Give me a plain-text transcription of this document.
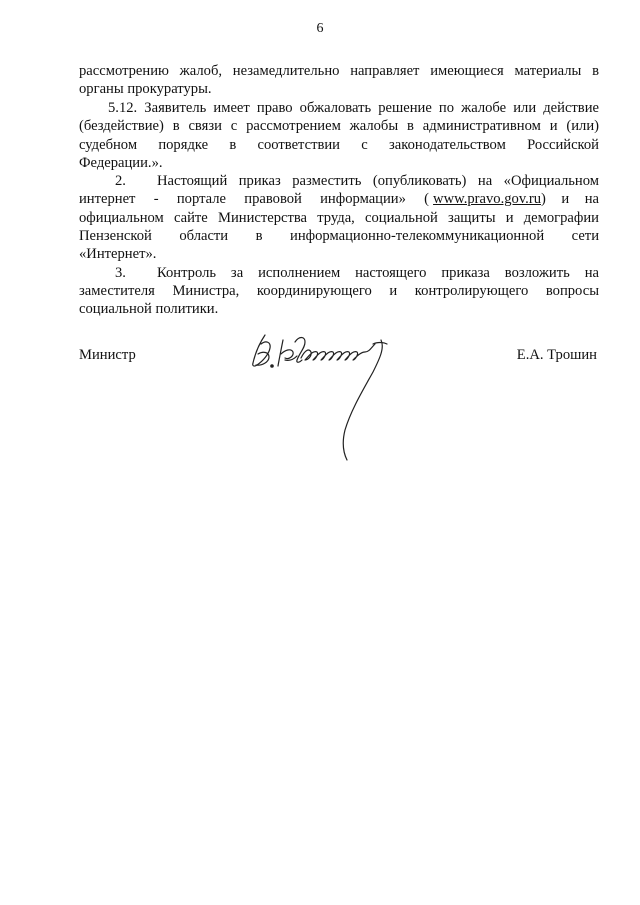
6
рассмотрению жалоб, незамедлительно направляет имеющиеся материалы в
органы прокуратуры.
5.12. Заявитель имеет право обжаловать решение по жалобе или действие
(бездействие) в связи с рассмотрением жалобы в административном и (или)
судебном порядке в соответствии с законодательством Российской
Федерации.».
2.	Настоящий приказ разместить (опубликовать) на «Официальном
интернет - портале правовой информации» ( www.pravo.gov.ru ) и на
официальном сайте Министерства труда, социальной защиты и демографии
Пензенской области в информационно-телекоммуникационной сети
«Интернет».
3.	Контроль за исполнением настоящего приказа возложить на
заместителя Министра, координирующего и контролирующего вопросы
социальной политики.
Министр	Е.А. Трошин
